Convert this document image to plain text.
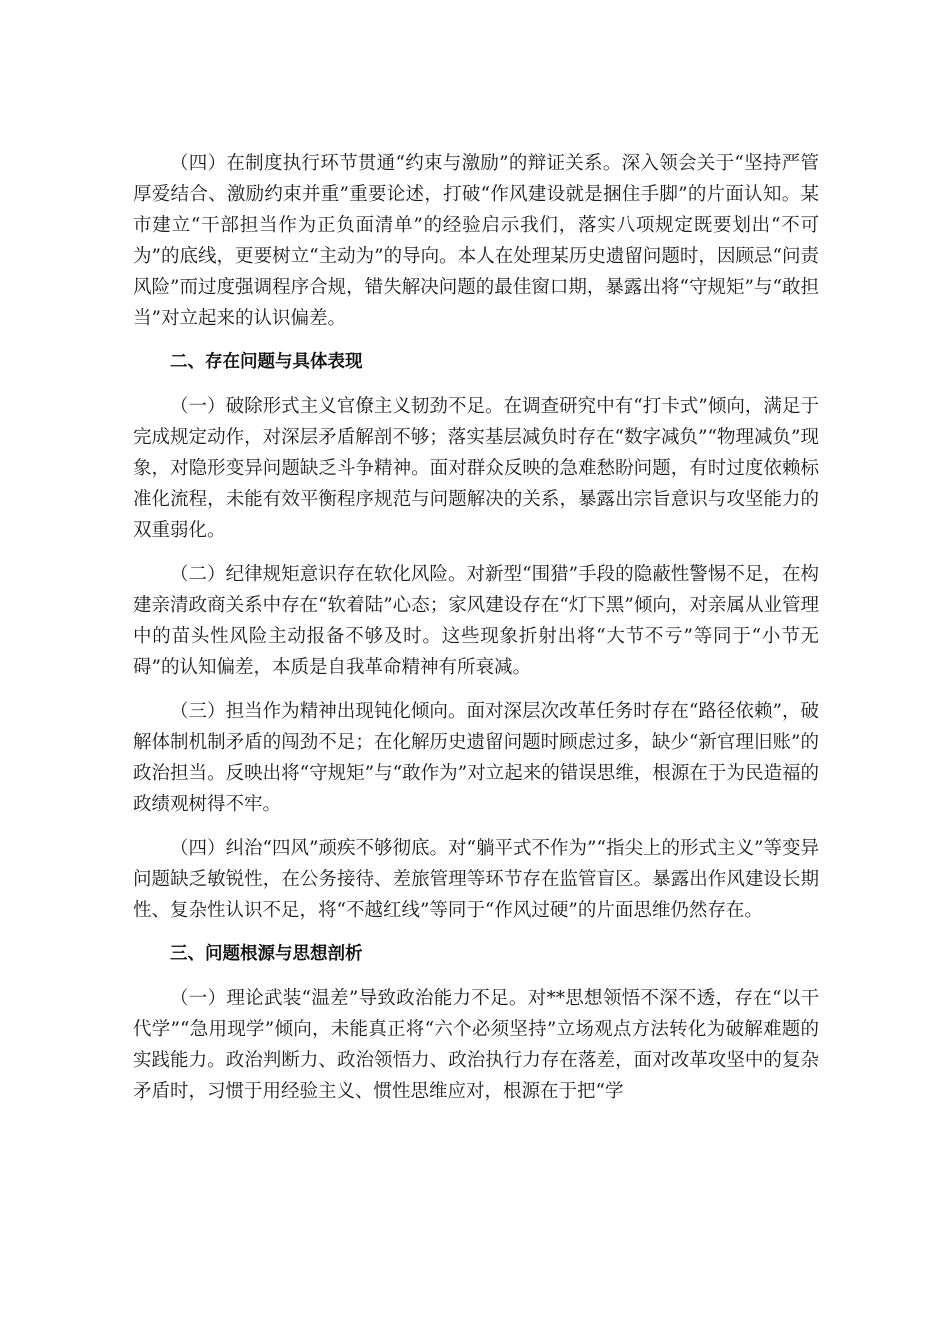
（四）在制度执行环节贯通“约束与激励”的辩证关系。深入领会关于“坚持严管厚爱结合、激励约束并重”重要论述，打破“作风建设就是捆住手脚”的片面认知。某市建立“干部担当作为正负面清单”的经验启示我们，落实八项规定既要划出“不可为”的底线，更要树立“主动为”的导向。本人在处理某历史遗留问题时，因顾忌“问责风险”而过度强调程序合规，错失解决问题的最佳窗口期，暴露出将“守规矩”与“敢担当”对立起来的认识偏差。

二、存在问题与具体表现

（一）破除形式主义官僚主义韧劲不足。在调查研究中有“打卡式”倾向，满足于完成规定动作，对深层矛盾解剖不够；落实基层减负时存在“数字减负”“物理减负”现象，对隐形变异问题缺乏斗争精神。面对群众反映的急难愁盼问题，有时过度依赖标准化流程，未能有效平衡程序规范与问题解决的关系，暴露出宗旨意识与攻坚能力的双重弱化。

（二）纪律规矩意识存在软化风险。对新型“围猎”手段的隐蔽性警惕不足，在构建亲清政商关系中存在“软着陆”心态；家风建设存在“灯下黑”倾向，对亲属从业管理中的苗头性风险主动报备不够及时。这些现象折射出将“大节不亏”等同于“小节无碍”的认知偏差，本质是自我革命精神有所衰减。

（三）担当作为精神出现钝化倾向。面对深层次改革任务时存在“路径依赖”，破解体制机制矛盾的闯劲不足；在化解历史遗留问题时顾虑过多，缺少“新官理旧账”的政治担当。反映出将“守规矩”与“敢作为”对立起来的错误思维，根源在于为民造福的政绩观树得不牢。

（四）纠治“四风”顽疾不够彻底。对“躺平式不作为”“指尖上的形式主义”等变异问题缺乏敏锐性，在公务接待、差旅管理等环节存在监管盲区。暴露出作风建设长期性、复杂性认识不足，将“不越红线”等同于“作风过硬”的片面思维仍然存在。

三、问题根源与思想剖析

（一）理论武装“温差”导致政治能力不足。对**思想领悟不深不透，存在“以干代学”“急用现学”倾向，未能真正将“六个必须坚持”立场观点方法转化为破解难题的实践能力。政治判断力、政治领悟力、政治执行力存在落差，面对改革攻坚中的复杂矛盾时，习惯于用经验主义、惯性思维应对，根源在于把“学
